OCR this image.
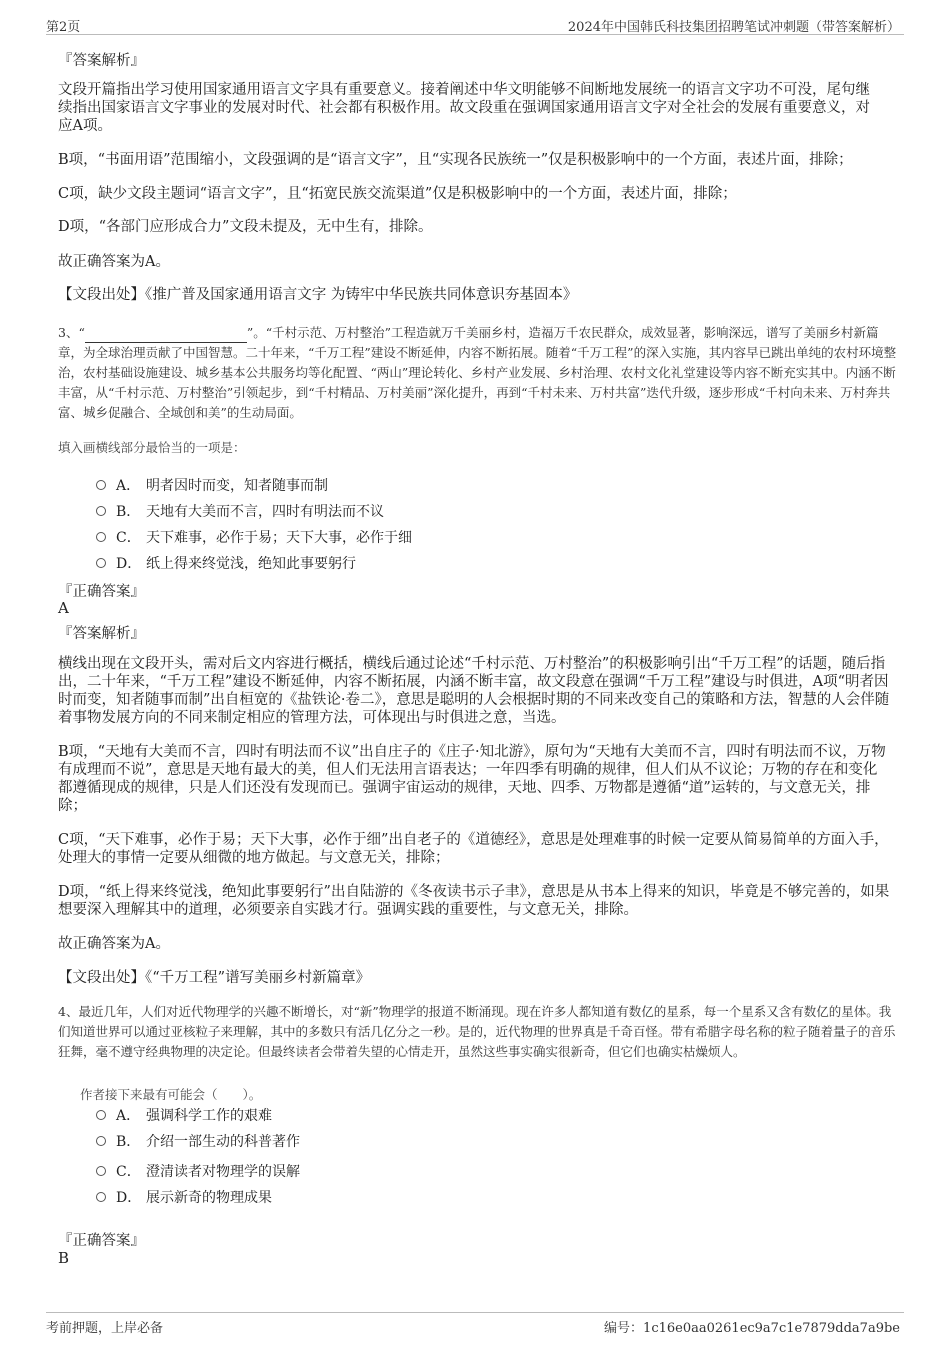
第2页	2024年中国韩氏科技集团招聘笔试冲刺题（带答案解析）
『答案解析』
文段开篇指出学习使用国家通用语言文字具有重要意义。接着阐述中华文明能够不间断地发展统一的语言文字功不可没，尾句继续指出国家语言文字事业的发展对时代、社会都有积极作用。故文段重在强调国家通用语言文字对全社会的发展有重要意义，对应A项。
B项，“书面用语”范围缩小，文段强调的是“语言文字”，且“实现各民族统一”仅是积极影响中的一个方面，表述片面，排除；
C项，缺少文段主题词“语言文字”，且“拓宽民族交流渠道”仅是积极影响中的一个方面，表述片面，排除；
D项，“各部门应形成合力”文段未提及，无中生有，排除。
故正确答案为A。
【文段出处】《推广普及国家通用语言文字 为铸牢中华民族共同体意识夯基固本》
3、“	”。“千村示范、万村整治”工程造就万千美丽乡村，造福万千农民群众，成效显著，影响深远，谱写了美丽乡村新篇章，为全球治理贡献了中国智慧。二十年来，“千万工程”建设不断延伸，内容不断拓展。随着“千万工程”的深入实施，其内容早已跳出单纯的农村环境整治，农村基础设施建设、城乡基本公共服务均等化配置、“两山”理论转化、乡村产业发展、乡村治理、农村文化礼堂建设等内容不断充实其中。内涵不断丰富，从“千村示范、万村整治”引领起步，到“千村精品、万村美丽”深化提升，再到“千村未来、万村共富”迭代升级，逐步形成“千村向未来、万村奔共富、城乡促融合、全域创和美”的生动局面。
填入画横线部分最恰当的一项是：
A． 明者因时而变，知者随事而制
B． 天地有大美而不言，四时有明法而不议
C． 天下难事，必作于易；天下大事，必作于细
D． 纸上得来终觉浅，绝知此事要躬行
『正确答案』
A
『答案解析』
横线出现在文段开头，需对后文内容进行概括，横线后通过论述“千村示范、万村整治”的积极影响引出“千万工程”的话题，随后指出，二十年来，“千万工程”建设不断延伸，内容不断拓展，内涵不断丰富，故文段意在强调“千万工程”建设与时俱进，A项“明者因时而变，知者随事而制”出自桓宽的《盐铁论·卷二》，意思是聪明的人会根据时期的不同来改变自己的策略和方法，智慧的人会伴随着事物发展方向的不同来制定相应的管理方法，可体现出与时俱进之意，当选。
B项，“天地有大美而不言，四时有明法而不议”出自庄子的《庄子·知北游》，原句为“天地有大美而不言，四时有明法而不议，万物有成理而不说”，意思是天地有最大的美，但人们无法用言语表达；一年四季有明确的规律，但人们从不议论；万物的存在和变化都遵循现成的规律，只是人们还没有发现而已。强调宇宙运动的规律，天地、四季、万物都是遵循“道”运转的，与文意无关，排除；
C项，“天下难事，必作于易；天下大事，必作于细”出自老子的《道德经》，意思是处理难事的时候一定要从简易简单的方面入手，处理大的事情一定要从细微的地方做起。与文意无关，排除；
D项，“纸上得来终觉浅，绝知此事要躬行”出自陆游的《冬夜读书示子聿》，意思是从书本上得来的知识，毕竟是不够完善的，如果想要深入理解其中的道理，必须要亲自实践才行。强调实践的重要性，与文意无关，排除。
故正确答案为A。
【文段出处】《“千万工程”谱写美丽乡村新篇章》
4、最近几年，人们对近代物理学的兴趣不断增长，对“新”物理学的报道不断涌现。现在许多人都知道有数亿的星系，每一个星系又含有数亿的星体。我们知道世界可以通过亚核粒子来理解，其中的多数只有活几亿分之一秒。是的，近代物理的世界真是千奇百怪。带有希腊字母名称的粒子随着量子的音乐狂舞，毫不遵守经典物理的决定论。但最终读者会带着失望的心情走开，虽然这些事实确实很新奇，但它们也确实枯燥烦人。
作者接下来最有可能会（　　）。
A． 强调科学工作的艰难
B． 介绍一部生动的科普著作
C． 澄清读者对物理学的误解
D． 展示新奇的物理成果
『正确答案』
B
考前押题，上岸必备	编号：1c16e0aa0261ec9a7c1e7879dda7a9be
